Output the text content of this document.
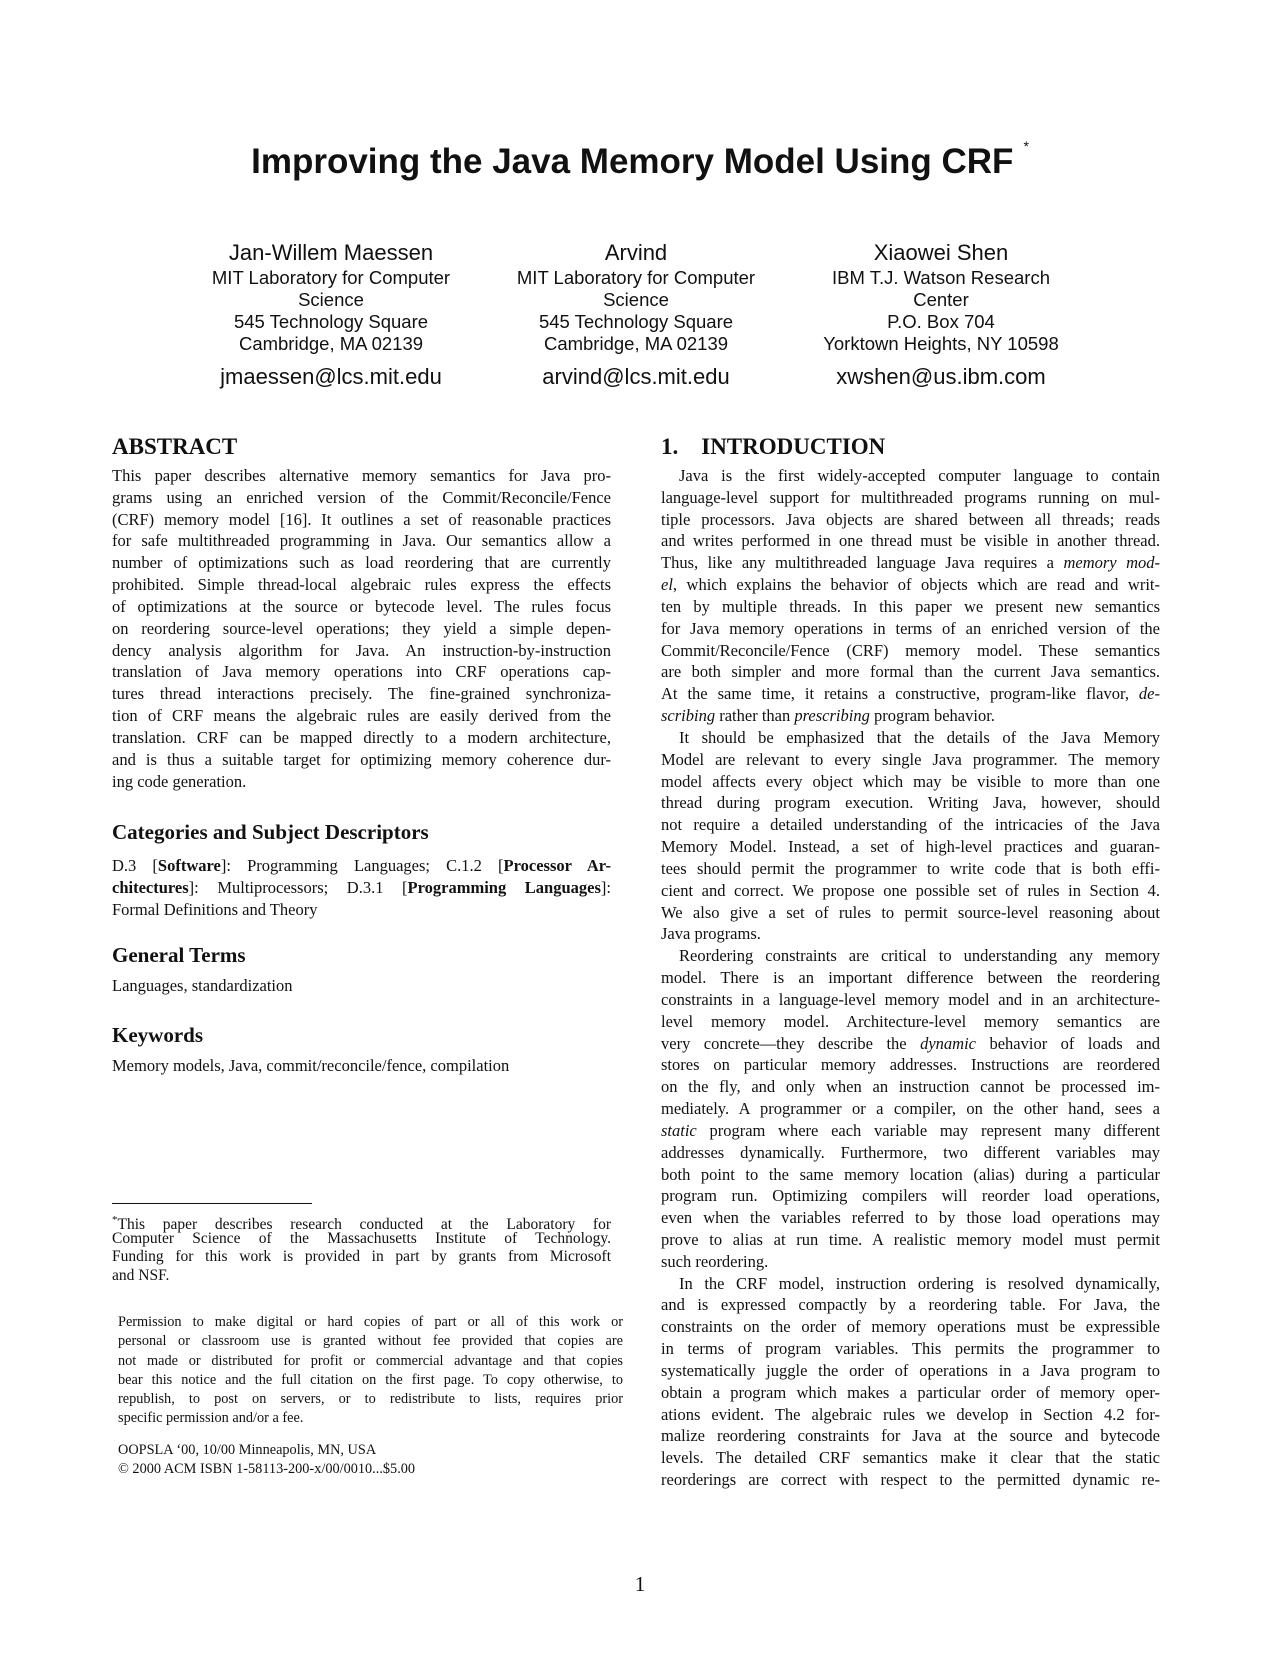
Improving the Java Memory Model Using CRF *
Jan-Willem Maessen
MIT Laboratory for Computer
Science
545 Technology Square
Cambridge, MA 02139
jmaessen@lcs.mit.edu
Arvind
MIT Laboratory for Computer
Science
545 Technology Square
Cambridge, MA 02139
arvind@lcs.mit.edu
Xiaowei Shen
IBM T.J. Watson Research
Center
P.O. Box 704
Yorktown Heights, NY 10598
xwshen@us.ibm.com
ABSTRACT
This paper describes alternative memory semantics for Java pro-
grams using an enriched version of the Commit/Reconcile/Fence
(CRF) memory model [16]. It outlines a set of reasonable practices
for safe multithreaded programming in Java. Our semantics allow a
number of optimizations such as load reordering that are currently
prohibited. Simple thread-local algebraic rules express the effects
of optimizations at the source or bytecode level. The rules focus
on reordering source-level operations; they yield a simple depen-
dency analysis algorithm for Java. An instruction-by-instruction
translation of Java memory operations into CRF operations cap-
tures thread interactions precisely. The fine-grained synchroniza-
tion of CRF means the algebraic rules are easily derived from the
translation. CRF can be mapped directly to a modern architecture,
and is thus a suitable target for optimizing memory coherence dur-
ing code generation.
Categories and Subject Descriptors
D.3 [Software]: Programming Languages; C.1.2 [Processor Ar-
chitectures]: Multiprocessors; D.3.1 [Programming Languages]:
Formal Definitions and Theory
General Terms
Languages, standardization
Keywords
Memory models, Java, commit/reconcile/fence, compilation
*This paper describes research conducted at the Laboratory for
Computer Science of the Massachusetts Institute of Technology.
Funding for this work is provided in part by grants from Microsoft
and NSF.
Permission to make digital or hard copies of part or all of this work or
personal or classroom use is granted without fee provided that copies are
not made or distributed for profit or commercial advantage and that copies
bear this notice and the full citation on the first page. To copy otherwise, to
republish, to post on servers, or to redistribute to lists, requires prior
specific permission and/or a fee.
OOPSLA ‘00, 10/00 Minneapolis, MN, USA
© 2000 ACM ISBN 1-58113-200-x/00/0010...$5.00
1.    INTRODUCTION
Java is the first widely-accepted computer language to contain
language-level support for multithreaded programs running on mul-
tiple processors. Java objects are shared between all threads; reads
and writes performed in one thread must be visible in another thread.
Thus, like any multithreaded language Java requires a memory mod-
el, which explains the behavior of objects which are read and writ-
ten by multiple threads. In this paper we present new semantics
for Java memory operations in terms of an enriched version of the
Commit/Reconcile/Fence (CRF) memory model. These semantics
are both simpler and more formal than the current Java semantics.
At the same time, it retains a constructive, program-like flavor, de-
scribing rather than prescribing program behavior.
It should be emphasized that the details of the Java Memory
Model are relevant to every single Java programmer. The memory
model affects every object which may be visible to more than one
thread during program execution. Writing Java, however, should
not require a detailed understanding of the intricacies of the Java
Memory Model. Instead, a set of high-level practices and guaran-
tees should permit the programmer to write code that is both effi-
cient and correct. We propose one possible set of rules in Section 4.
We also give a set of rules to permit source-level reasoning about
Java programs.
Reordering constraints are critical to understanding any memory
model. There is an important difference between the reordering
constraints in a language-level memory model and in an architecture-
level memory model. Architecture-level memory semantics are
very concrete—they describe the dynamic behavior of loads and
stores on particular memory addresses. Instructions are reordered
on the fly, and only when an instruction cannot be processed im-
mediately. A programmer or a compiler, on the other hand, sees a
static program where each variable may represent many different
addresses dynamically. Furthermore, two different variables may
both point to the same memory location (alias) during a particular
program run. Optimizing compilers will reorder load operations,
even when the variables referred to by those load operations may
prove to alias at run time. A realistic memory model must permit
such reordering.
In the CRF model, instruction ordering is resolved dynamically,
and is expressed compactly by a reordering table. For Java, the
constraints on the order of memory operations must be expressible
in terms of program variables. This permits the programmer to
systematically juggle the order of operations in a Java program to
obtain a program which makes a particular order of memory oper-
ations evident. The algebraic rules we develop in Section 4.2 for-
malize reordering constraints for Java at the source and bytecode
levels. The detailed CRF semantics make it clear that the static
reorderings are correct with respect to the permitted dynamic re-
1
